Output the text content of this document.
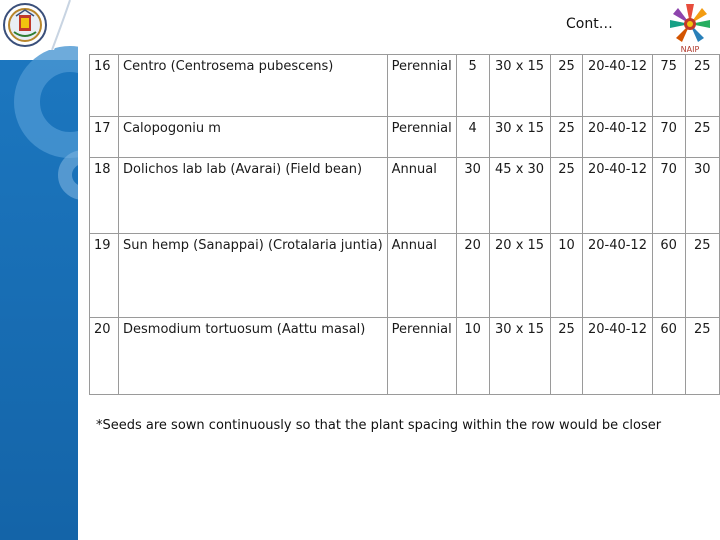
Cont…
NAIP
16	Centro (Centrosema pubescens)	Perennial	5	30 x 15	25	20-40-12	75	25
17	Calopogoniu m	Perennial	4	30 x 15	25	20-40-12	70	25
18	Dolichos lab lab (Avarai) (Field bean)	Annual	30	45 x 30	25	20-40-12	70	30
19	Sun hemp (Sanappai) (Crotalaria juntia)	Annual	20	20 x 15	10	20-40-12	60	25
20	Desmodium tortuosum (Aattu masal)	Perennial	10	30 x 15	25	20-40-12	60	25
*Seeds are sown continuously so that the plant spacing within the row would be closer
